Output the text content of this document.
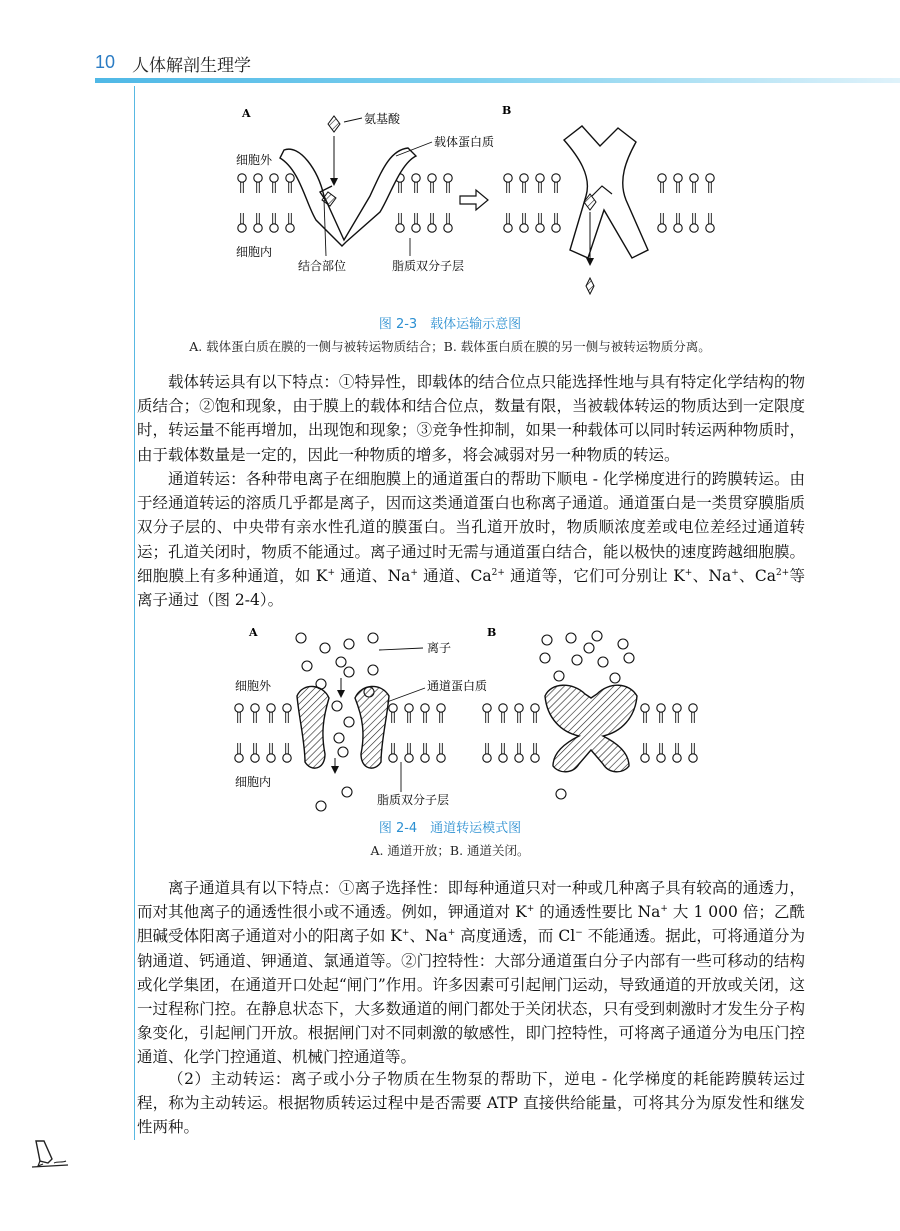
10 人体解剖生理学
A	B
氨基酸
载体蛋白质
细胞外
细胞内
结合部位	脂质双分子层
图 2-3　载体运输示意图
A. 载体蛋白质在膜的一侧与被转运物质结合；B. 载体蛋白质在膜的另一侧与被转运物质分离。

载体转运具有以下特点：①特异性，即载体的结合位点只能选择性地与具有特定化学结构的物质结合；②饱和现象，由于膜上的载体和结合位点，数量有限，当被载体转运的物质达到一定限度时，转运量不能再增加，出现饱和现象；③竞争性抑制，如果一种载体可以同时转运两种物质时，由于载体数量是一定的，因此一种物质的增多，将会减弱对另一种物质的转运。

通道转运：各种带电离子在细胞膜上的通道蛋白的帮助下顺电 - 化学梯度进行的跨膜转运。由于经通道转运的溶质几乎都是离子，因而这类通道蛋白也称离子通道。通道蛋白是一类贯穿膜脂质双分子层的、中央带有亲水性孔道的膜蛋白。当孔道开放时，物质顺浓度差或电位差经过通道转运；孔道关闭时，物质不能通过。离子通过时无需与通道蛋白结合，能以极快的速度跨越细胞膜。细胞膜上有多种通道，如 K+ 通道、Na+ 通道、$Ca^{2+}$ 通道等，它们可分别让 K+、Na+、$Ca^{2+}$等离子通过（图 2-4）。

A	B
离子
通道蛋白质
细胞外
细胞内
脂质双分子层
图 2-4　通道转运模式图
A. 通道开放；B. 通道关闭。

离子通道具有以下特点：①离子选择性：即每种通道只对一种或几种离子具有较高的通透力，而对其他离子的通透性很小或不通透。例如，钾通道对 K+ 的通透性要比 Na+ 大 1 000 倍；乙酰胆碱受体阳离子通道对小的阳离子如 K+、Na+ 高度通透，而 Cl− 不能通透。据此，可将通道分为钠通道、钙通道、钾通道、氯通道等。②门控特性：大部分通道蛋白分子内部有一些可移动的结构或化学集团，在通道开口处起“闸门”作用。许多因素可引起闸门运动，导致通道的开放或关闭，这一过程称门控。在静息状态下，大多数通道的闸门都处于关闭状态，只有受到刺激时才发生分子构象变化，引起闸门开放。根据闸门对不同刺激的敏感性，即门控特性，可将离子通道分为电压门控通道、化学门控通道、机械门控通道等。

（2）主动转运：离子或小分子物质在生物泵的帮助下，逆电 - 化学梯度的耗能跨膜转运过程，称为主动转运。根据物质转运过程中是否需要 ATP 直接供给能量，可将其分为原发性和继发性两种。
